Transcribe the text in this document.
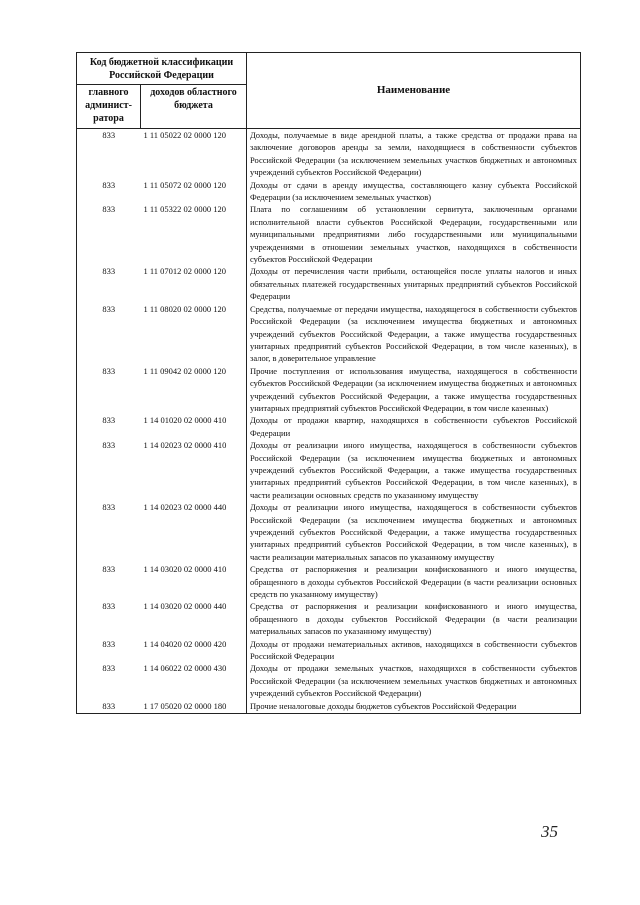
Код бюджетной классификации Российской Федерации		Наименование
главного админист-ратора	доходов областного бюджета	
833	1 11 05022 02 0000 120	Доходы, получаемые в виде арендной платы, а также средства от продажи права на заключение договоров аренды за земли, находящиеся в собственности субъектов Российской Федерации (за исключением земельных участков бюджетных и автономных учреждений субъектов Российской Федерации)
833	1 11 05072 02 0000 120	Доходы от сдачи в аренду имущества, составляющего казну субъекта Российской Федерации (за исключением земельных участков)
833	1 11 05322 02 0000 120	Плата по соглашениям об установлении сервитута, заключенным органами исполнительной власти субъектов Российской Федерации, государственными или муниципальными предприятиями либо государственными или муниципальными учреждениями в отношении земельных участков, находящихся в собственности субъектов Российской Федерации
833	1 11 07012 02 0000 120	Доходы от перечисления части прибыли, остающейся после уплаты налогов и иных обязательных платежей государственных унитарных предприятий субъектов Российской Федерации
833	1 11 08020 02 0000 120	Средства, получаемые от передачи имущества, находящегося в собственности субъектов Российской Федерации (за исключением имущества бюджетных и автономных учреждений субъектов Российской Федерации, а также имущества государственных унитарных предприятий субъектов Российской Федерации, в том числе казенных), в залог, в доверительное управление
833	1 11 09042 02 0000 120	Прочие поступления от использования имущества, находящегося в собственности субъектов Российской Федерации (за исключением имущества бюджетных и автономных учреждений субъектов Российской Федерации, а также имущества государственных унитарных предприятий субъектов Российской Федерации, в том числе казенных)
833	1 14 01020 02 0000 410	Доходы от продажи квартир, находящихся в собственности субъектов Российской Федерации
833	1 14 02023 02 0000 410	Доходы от реализации иного имущества, находящегося в собственности субъектов Российской Федерации (за исключением имущества бюджетных и автономных учреждений субъектов Российской Федерации, а также имущества государственных унитарных предприятий субъектов Российской Федерации, в том числе казенных), в части реализации основных средств по указанному имуществу
833	1 14 02023 02 0000 440	Доходы от реализации иного имущества, находящегося в собственности субъектов Российской Федерации (за исключением имущества бюджетных и автономных учреждений субъектов Российской Федерации, а также имущества государственных унитарных предприятий субъектов Российской Федерации, в том числе казенных), в части реализации материальных запасов по указанному имуществу
833	1 14 03020 02 0000 410	Средства от распоряжения и реализации конфискованного и иного имущества, обращенного в доходы субъектов Российской Федерации (в части реализации основных средств по указанному имуществу)
833	1 14 03020 02 0000 440	Средства от распоряжения и реализации конфискованного и иного имущества, обращенного в доходы субъектов Российской Федерации (в части реализации материальных запасов по указанному имуществу)
833	1 14 04020 02 0000 420	Доходы от продажи нематериальных активов, находящихся в собственности субъектов Российской Федерации
833	1 14 06022 02 0000 430	Доходы от продажи земельных участков, находящихся в собственности субъектов Российской Федерации (за исключением земельных участков бюджетных и автономных учреждений субъектов Российской Федерации)
833	1 17 05020 02 0000 180	Прочие неналоговые доходы бюджетов субъектов Российской Федерации
35
